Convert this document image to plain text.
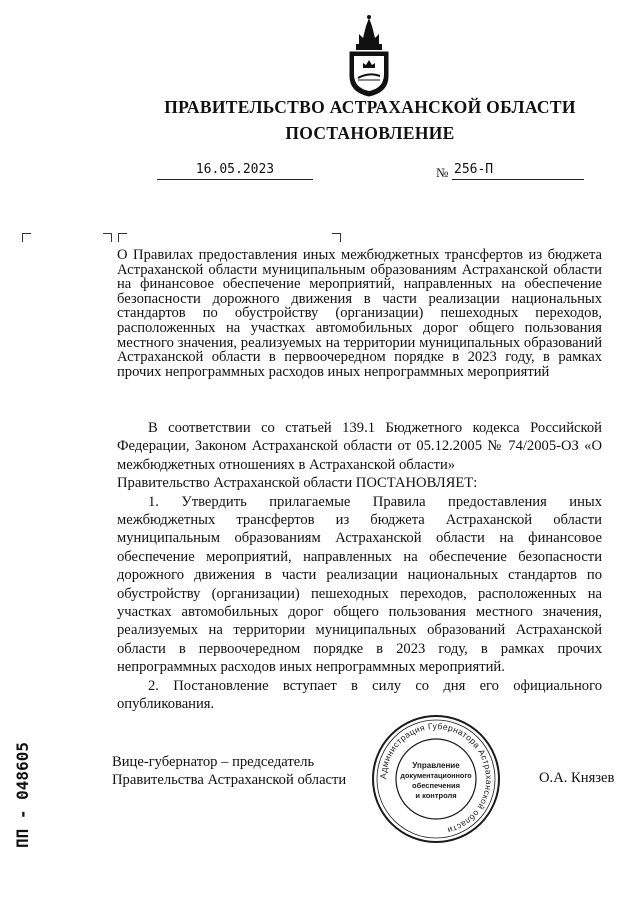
ПРАВИТЕЛЬСТВО АСТРАХАНСКОЙ ОБЛАСТИ
ПОСТАНОВЛЕНИЕ
16.05.2023	№ 256-П
О Правилах предоставления иных межбюджетных трансфертов из бюджета Астраханской области муниципальным образованиям Астраханской области на финансовое обеспечение мероприятий, направленных на обеспечение безопасности дорожного движения в части реализации национальных стандартов по обустройству (организации) пешеходных переходов, расположенных на участках автомобильных дорог общего пользования местного значения, реализуемых на территории муниципальных образований Астраханской области в первоочередном порядке в 2023 году, в рамках прочих непрограммных расходов иных непрограммных мероприятий

В соответствии со статьей 139.1 Бюджетного кодекса Российской Федерации, Законом Астраханской области от 05.12.2005 № 74/2005-ОЗ «О межбюджетных отношениях в Астраханской области»

Правительство Астраханской области ПОСТАНОВЛЯЕТ:

1. Утвердить прилагаемые Правила предоставления иных межбюджетных трансфертов из бюджета Астраханской области муниципальным образованиям Астраханской области на финансовое обеспечение мероприятий, направленных на обеспечение безопасности дорожного движения в части реализации национальных стандартов по обустройству (организации) пешеходных переходов, расположенных на участках автомобильных дорог общего пользования местного значения, реализуемых на территории муниципальных образований Астраханской области в первоочередном порядке в 2023 году, в рамках прочих непрограммных расходов иных непрограммных мероприятий.

2. Постановление вступает в силу со дня его официального опубликования.

Вице-губернатор – председатель
Правительства Астраханской области	О.А. Князев
Администрация Губернатора Астраханской области
Управление
документационного
обеспечения
и контроля
ПП - 048605
